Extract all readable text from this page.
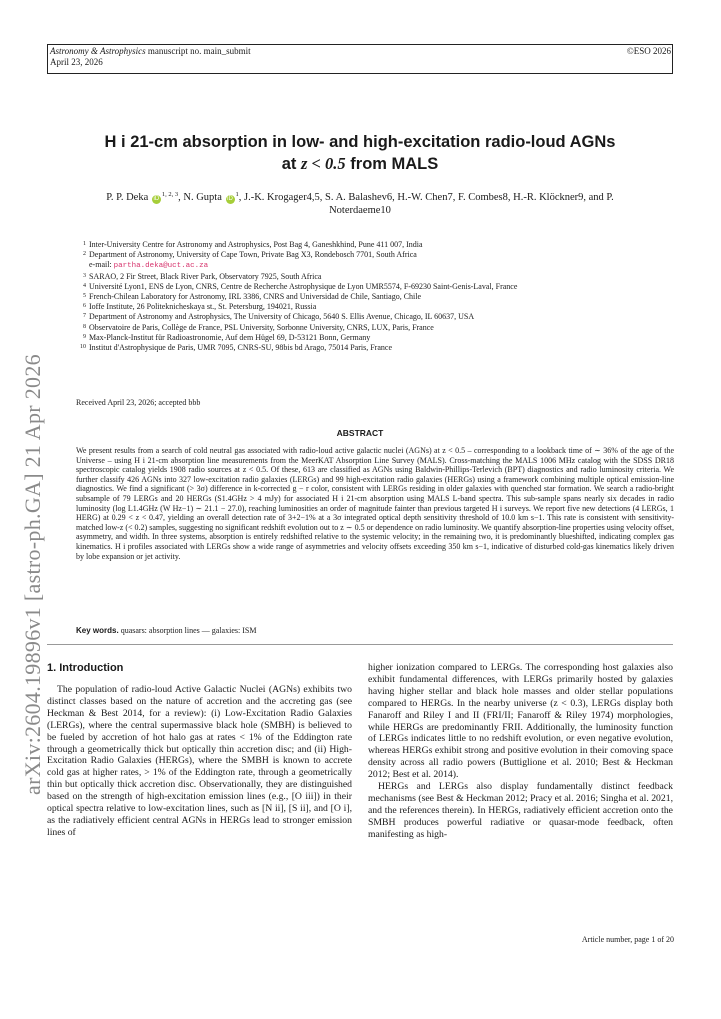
Astronomy & Astrophysics manuscript no. main_submit
April 23, 2026
©ESO 2026
arXiv:2604.19896v1 [astro-ph.GA] 21 Apr 2026
H i 21-cm absorption in low- and high-excitation radio-loud AGNs
at z < 0.5 from MALS
P. P. Deka iD$^{1, 2, 3}$, N. Gupta $iD^1$, J.-K. Krogager4,5, S. A. Balashev6, H.-W. Chen7, F. Combes8, H.-R. Klöckner9, and P.
Noterdaeme10
1 Inter-University Centre for Astronomy and Astrophysics, Post Bag 4, Ganeshkhind, Pune 411 007, India
2 Department of Astronomy, University of Cape Town, Private Bag X3, Rondebosch 7701, South Africa
e-mail: partha.deka@uct.ac.za
3 SARAO, 2 Fir Street, Black River Park, Observatory 7925, South Africa
4 Université Lyon1, ENS de Lyon, CNRS, Centre de Recherche Astrophysique de Lyon UMR5574, F-69230 Saint-Genis-Laval, France
5 French-Chilean Laboratory for Astronomy, IRL 3386, CNRS and Universidad de Chile, Santiago, Chile
6 Ioffe Institute, 26 Politeknicheskaya st., St. Petersburg, 194021, Russia
7 Department of Astronomy and Astrophysics, The University of Chicago, 5640 S. Ellis Avenue, Chicago, IL 60637, USA
8 Observatoire de Paris, Collège de France, PSL University, Sorbonne University, CNRS, LUX, Paris, France
9 Max-Planck-Institut für Radioastronomie, Auf dem Hügel 69, D-53121 Bonn, Germany
10 Institut d'Astrophysique de Paris, UMR 7095, CNRS-SU, 98bis bd Arago, 75014 Paris, France
Received April 23, 2026; accepted bbb
ABSTRACT
We present results from a search of cold neutral gas associated with radio-loud active galactic nuclei (AGNs) at z < 0.5 – corresponding to a lookback time of ∼ 36% of the age of the Universe – using H i 21-cm absorption line measurements from the MeerKAT Absorption Line Survey (MALS). Cross-matching the MALS 1006 MHz catalog with the SDSS DR18 spectroscopic catalog yields 1908 radio sources at z < 0.5. Of these, 613 are classified as AGNs using Baldwin-Phillips-Terlevich (BPT) diagnostics and radio luminosity criteria. We further classify 426 AGNs into 327 low-excitation radio galaxies (LERGs) and 99 high-excitation radio galaxies (HERGs) using a framework combining multiple optical emission-line diagnostics. We find a significant (> 3σ) difference in k-corrected g − r color, consistent with LERGs residing in older galaxies with quenched star formation. We search a radio-bright subsample of 79 LERGs and 20 HERGs (S1.4GHz > 4 mJy) for associated H i 21-cm absorption using MALS L-band spectra. This sub-sample spans nearly six decades in radio luminosity (log L1.4GHz (W Hz−1) ∼ 21.1 − 27.0), reaching luminosities an order of magnitude fainter than previous targeted H i surveys. We report five new detections (4 LERGs, 1 HERG) at 0.29 < z < 0.47, yielding an overall detection rate of 3+2−1% at a 3σ integrated optical depth sensitivity threshold of 10.0 km s−1. This rate is consistent with sensitivity-matched low-z (< 0.2) samples, suggesting no significant redshift evolution out to z ∼ 0.5 or dependence on radio luminosity. We quantify absorption-line properties using velocity offset, asymmetry, and width. In three systems, absorption is entirely redshifted relative to the systemic velocity; in the remaining two, it is predominantly blueshifted, indicating complex gas kinematics. H i profiles associated with LERGs show a wide range of asymmetries and velocity offsets exceeding 350 km s−1, indicative of disturbed cold-gas kinematics likely driven by lobe expansion or jet activity.
Key words. quasars: absorption lines — galaxies: ISM
1. Introduction

The population of radio-loud Active Galactic Nuclei (AGNs) exhibits two distinct classes based on the nature of accretion and the accreting gas (see Heckman & Best 2014, for a review): (i) Low-Excitation Radio Galaxies (LERGs), where the central supermassive black hole (SMBH) is believed to be fueled by accretion of hot halo gas at rates < 1% of the Eddington rate through a geometrically thick but optically thin accretion disc; and (ii) High-Excitation Radio Galaxies (HERGs), where the SMBH is known to accrete cold gas at higher rates, > 1% of the Eddington rate, through a geometrically thin but optically thick accretion disc. Observationally, they are distinguished based on the strength of high-excitation emission lines (e.g., [O iii]) in their optical spectra relative to low-excitation lines, such as [N ii], [S ii], and [O i], as the radiatively efficient central AGNs in HERGs lead to stronger emission lines of

higher ionization compared to LERGs. The corresponding host galaxies also exhibit fundamental differences, with LERGs primarily hosted by galaxies having higher stellar and black hole masses and older stellar populations compared to HERGs. In the nearby universe (z < 0.3), LERGs display both Fanaroff and Riley I and II (FRI/II; Fanaroff & Riley 1974) morphologies, while HERGs are predominantly FRII. Additionally, the luminosity function of LERGs indicates little to no redshift evolution, or even negative evolution, whereas HERGs exhibit strong and positive evolution in their comoving space density across all radio powers (Buttiglione et al. 2010; Best & Heckman 2012; Best et al. 2014).

HERGs and LERGs also display fundamentally distinct feedback mechanisms (see Best & Heckman 2012; Pracy et al. 2016; Singha et al. 2021, and the references therein). In HERGs, radiatively efficient accretion onto the SMBH produces powerful radiative or quasar-mode feedback, often manifesting as high-

Article number, page 1 of 20
